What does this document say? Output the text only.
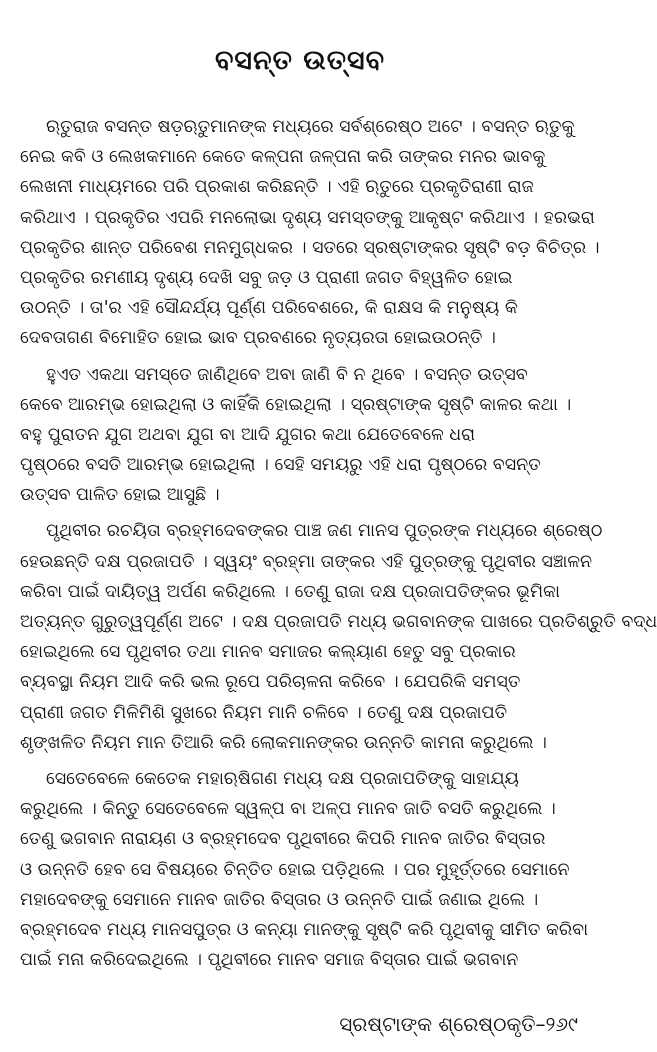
ବସନ୍ତ ଉତ୍ସବ
ଋତୁରାଜ ବସନ୍ତ ଷଡ଼ଋତୁମାନଙ୍କ ମଧ୍ୟରେ ସର୍ବଶ୍ରେଷ୍ଠ ଅଟେ । ବସନ୍ତ ଋତୁକୁ
ନେଇ କବି ଓ ଲେଖକମାନେ କେତେ କଳ୍ପନା ଜଳ୍ପନା କରି ତାଙ୍କର ମନର ଭାବକୁ
ଲେଖନୀ ମାଧ୍ୟମରେ ପରି ପ୍ରକାଶ କରିଛନ୍ତି । ଏହି ଋତୁରେ ପ୍ରକୃତିରାଣୀ ରାଜ
କରିଥାଏ । ପ୍ରକୃତିର ଏପରି ମନଲୋଭା ଦୃଶ୍ୟ ସମସ୍ତଙ୍କୁ ଆକୃଷ୍ଟ କରିଥାଏ । ହରଭରା
ପ୍ରକୃତିର ଶାନ୍ତ ପରିବେଶ ମନମୁଗ୍ଧକର । ସତରେ ସ୍ରଷ୍ଟାଙ୍କର ସୃଷ୍ଟି ବଡ଼ ବିଚିତ୍ର ।
ପ୍ରକୃତିର ରମଣୀୟ ଦୃଶ୍ୟ ଦେଖି ସବୁ ଜଡ଼ ଓ ପ୍ରାଣୀ ଜଗତ ବିହ୍ୱଳିତ ହୋଇ
ଉଠନ୍ତି । ତା'ର ଏହି ସୌନ୍ଦର୍ଯ୍ୟ ପୂର୍ଣ୍ଣ ପରିବେଶରେ, କି ରାକ୍ଷସ କି ମନୁଷ୍ୟ କି
ଦେବତାଗଣ ବିମୋହିତ ହୋଇ ଭାବ ପ୍ରବଣରେ ନୃତ୍ୟରତା ହୋଇଉଠନ୍ତି ।
ହୁଏତ ଏକଥା ସମସ୍ତେ ଜାଣିଥିବେ ଅବା ଜାଣି ବି ନ ଥିବେ । ବସନ୍ତ ଉତ୍ସବ
କେବେ ଆରମ୍ଭ ହୋଇଥିଲା ଓ କାହିଁକି ହୋଇଥିଲା । ସ୍ରଷ୍ଟାଙ୍କ ସୃଷ୍ଟି କାଳର କଥା ।
ବହୁ ପୁରାତନ ଯୁଗ ଅଥବା ଯୁଗ ବା ଆଦି ଯୁଗର କଥା ଯେତେବେଳେ ଧରା
ପୃଷ୍ଠରେ ବସତି ଆରମ୍ଭ ହୋଇଥିଲା । ସେହି ସମୟରୁ ଏହି ଧରା ପୃଷ୍ଠରେ ବସନ୍ତ
ଉତ୍ସବ ପାଳିତ ହୋଇ ଆସୁଛି ।
ପୃଥିବୀର ରଚୟିତା ବ୍ରହ୍ମଦେବଙ୍କର ପାଞ୍ଚ ଜଣ ମାନସ ପୁତ୍ରଙ୍କ ମଧ୍ୟରେ ଶ୍ରେଷ୍ଠ
ହେଉଛନ୍ତି ଦକ୍ଷ ପ୍ରଜାପତି । ସ୍ୱୟଂ ବ୍ରହ୍ମା ତାଙ୍କର ଏହି ପୁତ୍ରଙ୍କୁ ପୃଥିବୀର ସଞ୍ଚାଳନ
କରିବା ପାଇଁ ଦାୟିତ୍ୱ ଅର୍ପଣ କରିଥିଲେ । ତେଣୁ ରାଜା ଦକ୍ଷ ପ୍ରଜାପତିଙ୍କର ଭୂମିକା
ଅତ୍ୟନ୍ତ ଗୁରୁତ୍ୱପୂର୍ଣ୍ଣ ଅଟେ । ଦକ୍ଷ ପ୍ରଜାପତି ମଧ୍ୟ ଭଗବାନଙ୍କ ପାଖରେ ପ୍ରତିଶ୍ରୁତି ବଦ୍ଧ
ହୋଇଥିଲେ ସେ ପୃଥିବୀର ତଥା ମାନବ ସମାଜର କଲ୍ୟାଣ ହେତୁ ସବୁ ପ୍ରକାର
ବ୍ୟବସ୍ଥା ନିୟମ ଆଦି କରି ଭଲ ରୂପେ ପରିଚାଳନା କରିବେ । ଯେପରିକି ସମସ୍ତ
ପ୍ରାଣୀ ଜଗତ ମିଳିମିଶି ସୁଖରେ ନିୟମ ମାନି ଚଳିବେ । ତେଣୁ ଦକ୍ଷ ପ୍ରଜାପତି
ଶୃଙ୍ଖଳିତ ନିୟମ ମାନ ତିଆରି କରି ଲୋକମାନଙ୍କର ଉନ୍ନତି କାମନା କରୁଥିଲେ ।
ସେତେବେଳେ କେତେକ ମହାଋଷିଗଣ ମଧ୍ୟ ଦକ୍ଷ ପ୍ରଜାପତିଙ୍କୁ ସାହାଯ୍ୟ
କରୁଥିଲେ । କିନ୍ତୁ ସେତେବେଳେ ସ୍ୱଳ୍ପ ବା ଅଳ୍ପ ମାନବ ଜାତି ବସତି କରୁଥିଲେ ।
ତେଣୁ ଭଗବାନ ନାରାୟଣ ଓ ବ୍ରହ୍ମଦେବ ପୃଥିବୀରେ କିପରି ମାନବ ଜାତିର ବିସ୍ତାର
ଓ ଉନ୍ନତି ହେବ ସେ ବିଷୟରେ ଚିନ୍ତିତ ହୋଇ ପଡ଼ିଥିଲେ । ପର ମୁହୂର୍ତ୍ତରେ ସେମାନେ
ମହାଦେବଙ୍କୁ ସେମାନେ ମାନବ ଜାତିର ବିସ୍ତାର ଓ ଉନ୍ନତି ପାଇଁ ଜଣାଇ ଥିଲେ ।
ବ୍ରହ୍ମଦେବ ମଧ୍ୟ ମାନସପୁତ୍ର ଓ କନ୍ୟା ମାନଙ୍କୁ ସୃଷ୍ଟି କରି ପୃଥିବୀକୁ ସୀମିତ କରିବା
ପାଇଁ ମନା କରିଦେଇଥିଲେ । ପୃଥିବୀରେ ମାନବ ସମାଜ ବିସ୍ତାର ପାଇଁ ଭଗବାନ
ସ୍ରଷ୍ଟାଙ୍କ ଶ୍ରେଷ୍ଠକୃତି–୨୬୯
